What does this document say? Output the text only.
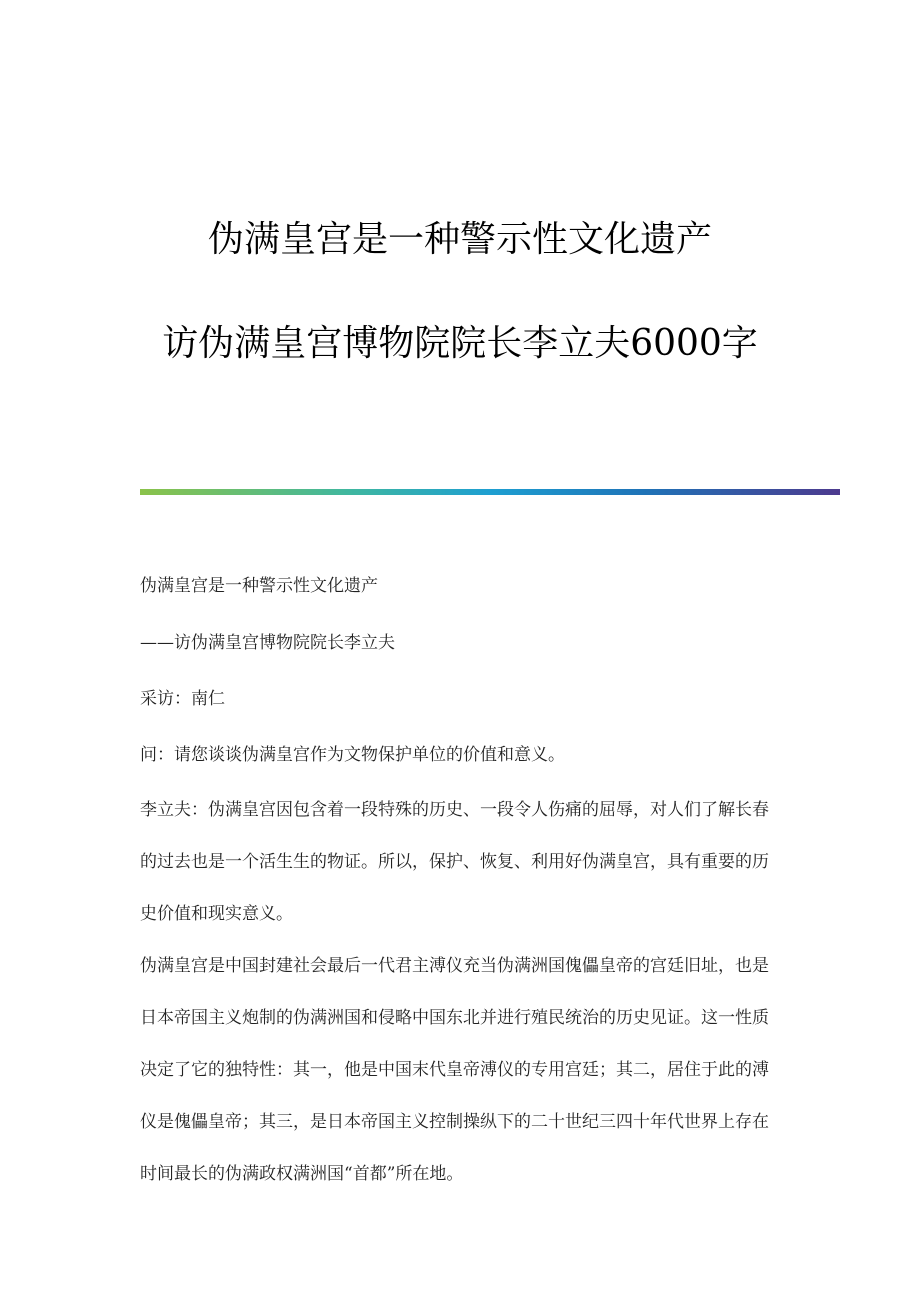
伪满皇宫是一种警示性文化遗产
访伪满皇宫博物院院长李立夫6000字
伪满皇宫是一种警示性文化遗产
——访伪满皇宫博物院院长李立夫
采访：南仁
问：请您谈谈伪满皇宫作为文物保护单位的价值和意义。
李立夫：伪满皇宫因包含着一段特殊的历史、一段令人伤痛的屈辱，对人们了解长春的过去也是一个活生生的物证。所以，保护、恢复、利用好伪满皇宫，具有重要的历史价值和现实意义。
伪满皇宫是中国封建社会最后一代君主溥仪充当伪满洲国傀儡皇帝的宫廷旧址，也是日本帝国主义炮制的伪满洲国和侵略中国东北并进行殖民统治的历史见证。这一性质决定了它的独特性：其一，他是中国末代皇帝溥仪的专用宫廷；其二，居住于此的溥仪是傀儡皇帝；其三，是日本帝国主义控制操纵下的二十世纪三四十年代世界上存在时间最长的伪满政权满洲国“首都”所在地。
